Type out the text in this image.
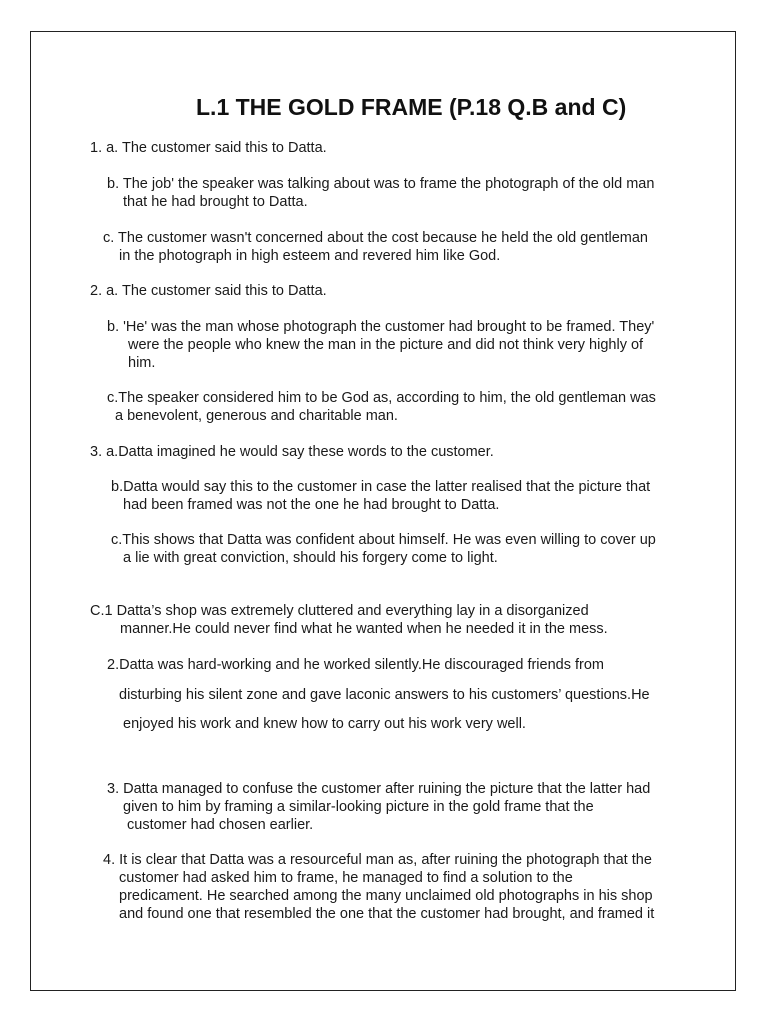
L.1 THE GOLD FRAME (P.18 Q.B and C)
1. a. The customer said this to Datta.
b. The job' the speaker was talking about was to frame the photograph of the old man
that he had brought to Datta.
c. The customer wasn't concerned about the cost because he held the old gentleman
in the photograph in high esteem and revered him like God.
2. a. The customer said this to Datta.
b. 'He' was the man whose photograph the customer had brought to be framed. They'
were the people who knew the man in the picture and did not think very highly of
him.
c.The speaker considered him to be God as, according to him, the old gentleman was
a benevolent, generous and charitable man.
3. a.Datta imagined he would say these words to the customer.
b.Datta would say this to the customer in case the latter realised that the picture that
had been framed was not the one he had brought to Datta.
c.This shows that Datta was confident about himself. He was even willing to cover up
a lie with great conviction, should his forgery come to light.
C.1 Datta’s shop was extremely cluttered and everything lay in a disorganized
manner.He could never find what he wanted when he needed it in the mess.
2.Datta was hard-working and he worked silently.He discouraged friends from
disturbing his silent zone and gave laconic answers to his customers’ questions.He
enjoyed his work and knew how to carry out his work very well.
3. Datta managed to confuse the customer after ruining the picture that the latter had
given to him by framing a similar-looking picture in the gold frame that the
customer had chosen earlier.
4. It is clear that Datta was a resourceful man as, after ruining the photograph that the
customer had asked him to frame, he managed to find a solution to the
predicament. He searched among the many unclaimed old photographs in his shop
and found one that resembled the one that the customer had brought, and framed it
